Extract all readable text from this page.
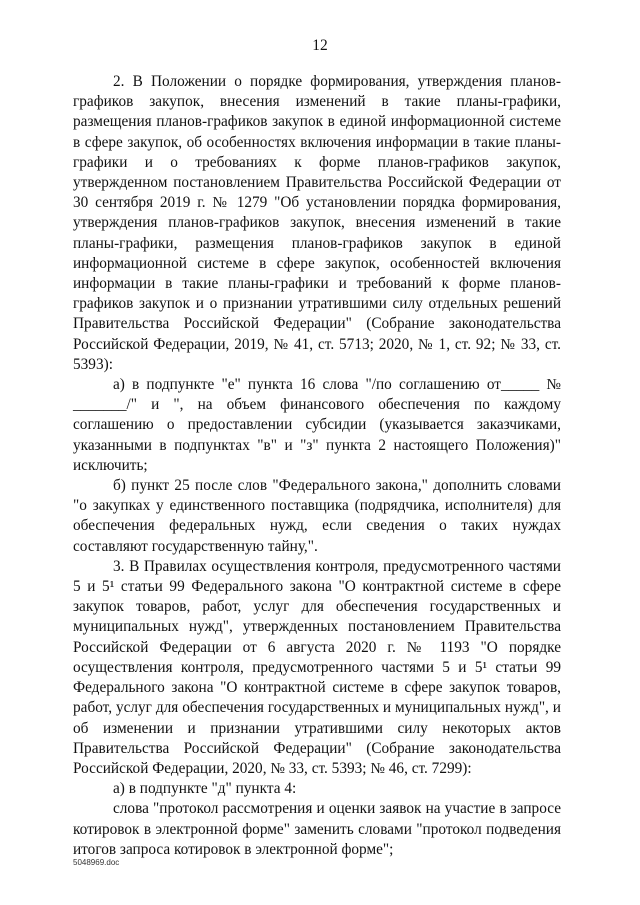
12

2. В Положении о порядке формирования, утверждения планов-графиков закупок, внесения изменений в такие планы-графики, размещения планов-графиков закупок в единой информационной системе в сфере закупок, об особенностях включения информации в такие планы-графики и о требованиях к форме планов-графиков закупок, утвержденном постановлением Правительства Российской Федерации от 30 сентября 2019 г. № 1279 "Об установлении порядка формирования, утверждения планов-графиков закупок, внесения изменений в такие планы-графики, размещения планов-графиков закупок в единой информационной системе в сфере закупок, особенностей включения информации в такие планы-графики и требований к форме планов-графиков закупок и о признании утратившими силу отдельных решений Правительства Российской Федерации" (Собрание законодательства Российской Федерации, 2019, № 41, ст. 5713; 2020, № 1, ст. 92; № 33, ст. 5393):

а) в подпункте "е" пункта 16 слова "/по соглашению от_____ № _______/" и ", на объем финансового обеспечения по каждому соглашению о предоставлении субсидии (указывается заказчиками, указанными в подпунктах "в" и "з" пункта 2 настоящего Положения)" исключить;

б) пункт 25 после слов "Федерального закона," дополнить словами "о закупках у единственного поставщика (подрядчика, исполнителя) для обеспечения федеральных нужд, если сведения о таких нуждах составляют государственную тайну,".

3. В Правилах осуществления контроля, предусмотренного частями 5 и 5¹ статьи 99 Федерального закона "О контрактной системе в сфере закупок товаров, работ, услуг для обеспечения государственных и муниципальных нужд", утвержденных постановлением Правительства Российской Федерации от 6 августа 2020 г. № 1193 "О порядке осуществления контроля, предусмотренного частями 5 и 5¹ статьи 99 Федерального закона "О контрактной системе в сфере закупок товаров, работ, услуг для обеспечения государственных и муниципальных нужд", и об изменении и признании утратившими силу некоторых актов Правительства Российской Федерации" (Собрание законодательства Российской Федерации, 2020, № 33, ст. 5393; № 46, ст. 7299):

а) в подпункте "д" пункта 4:

слова "протокол рассмотрения и оценки заявок на участие в запросе котировок в электронной форме" заменить словами "протокол подведения итогов запроса котировок в электронной форме";

5048969.doc
